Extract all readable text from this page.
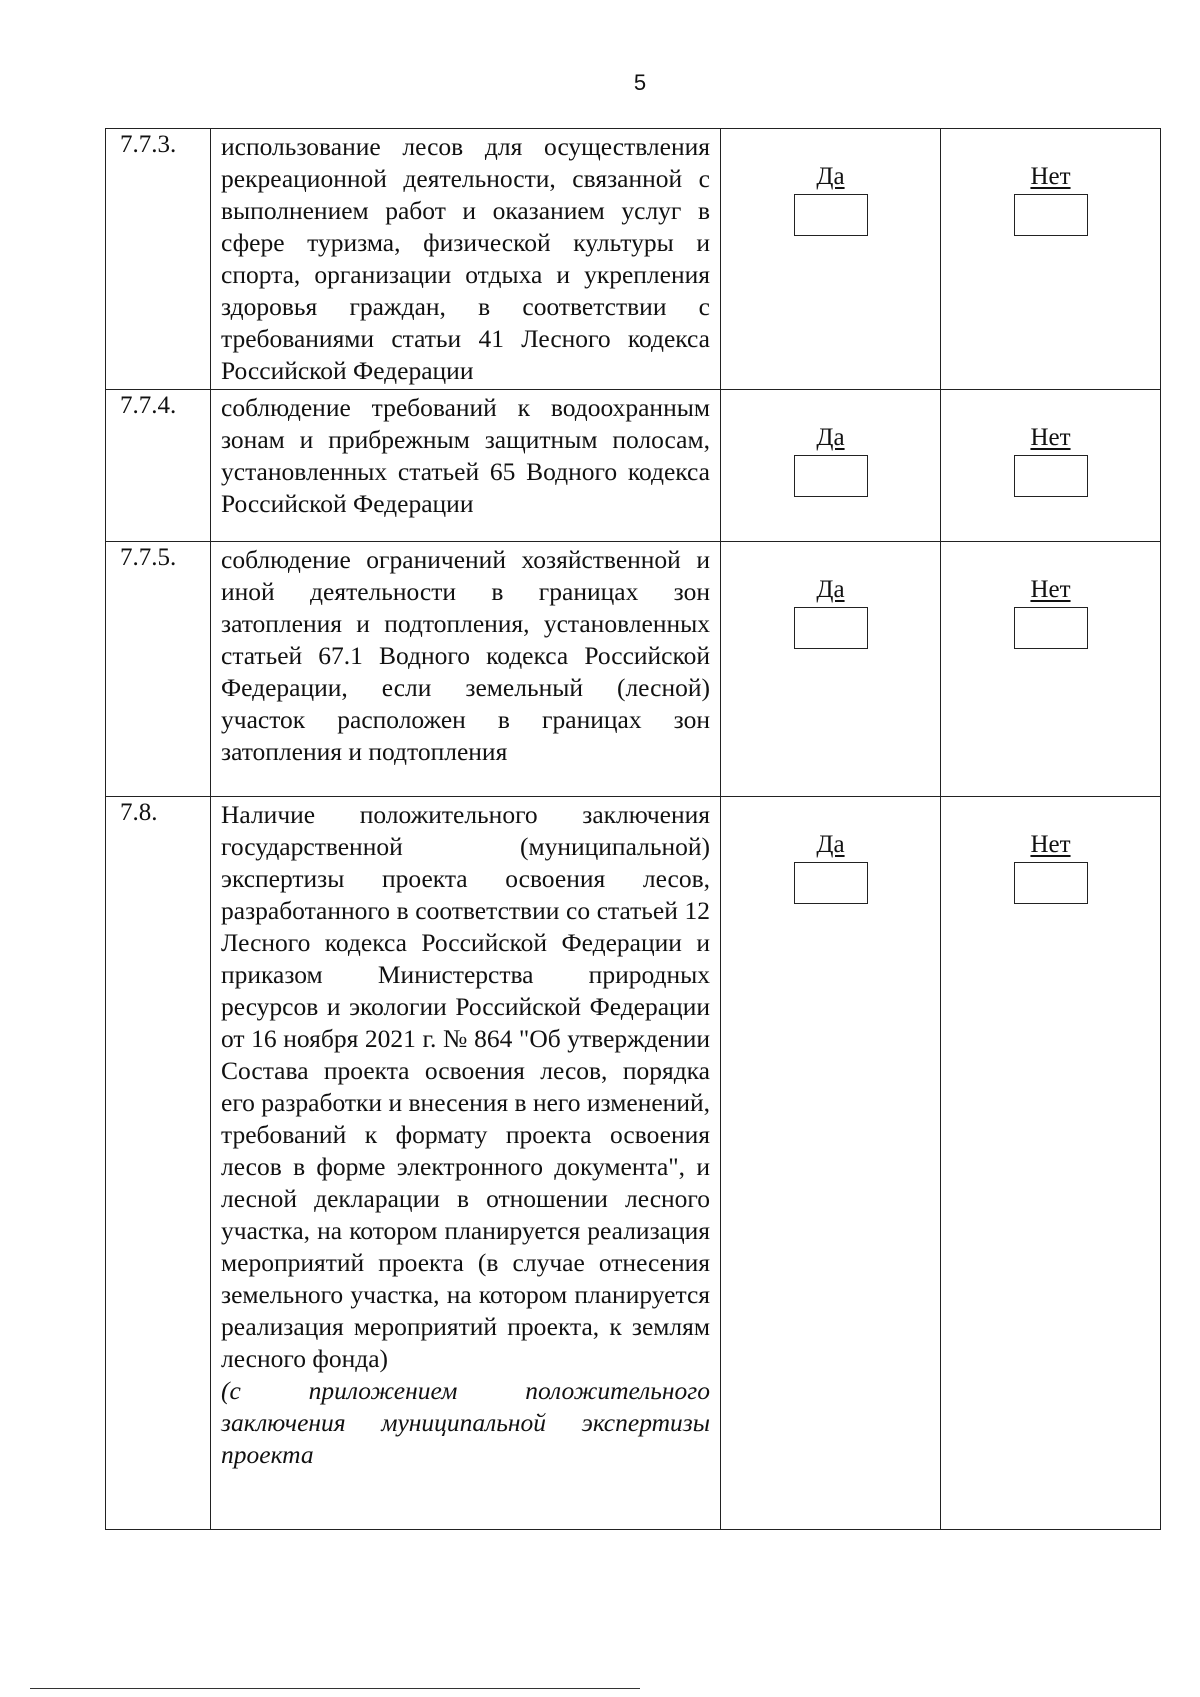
5
7.7.3.	использование лесов для осуществления рекреационной деятельности, связанной с выполнением работ и оказанием услуг в сфере туризма, физической культуры и спорта, организации отдыха и укрепления здоровья граждан, в соответствии с требованиями статьи 41 Лесного кодекса Российской Федерации	Да	Нет

7.7.4.	соблюдение требований к водоохранным зонам и прибрежным защитным полосам, установленных статьей 65 Водного кодекса Российской Федерации	Да	Нет

7.7.5.	соблюдение ограничений хозяйственной и иной деятельности в границах зон затопления и подтопления, установленных статьей 67.1 Водного кодекса Российской Федерации, если земельный (лесной) участок расположен в границах зон затопления и подтопления	Да	Нет

7.8.	Наличие положительного заключения государственной (муниципальной) экспертизы проекта освоения лесов, разработанного в соответствии со статьей 12 Лесного кодекса Российской Федерации и приказом Министерства природных ресурсов и экологии Российской Федерации от 16 ноября 2021 г. № 864 "Об утверждении Состава проекта освоения лесов, порядка его разработки и внесения в него изменений, требований к формату проекта освоения лесов в форме электронного документа", и лесной декларации в отношении лесного участка, на котором планируется реализация мероприятий проекта (в случае отнесения земельного участка, на котором планируется реализация мероприятий проекта, к землям лесного фонда)
(с приложением положительного заключения муниципальной экспертизы проекта	Да	Нет
